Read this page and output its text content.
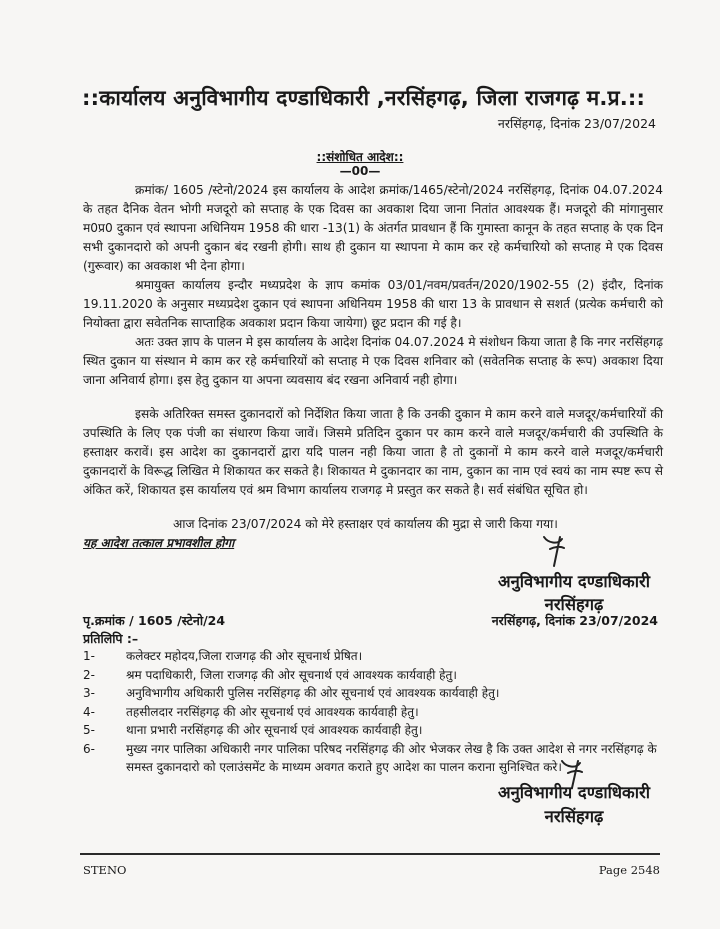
::कार्यालय अनुविभागीय दण्डाधिकारी ,नरसिंहगढ़, जिला राजगढ़ म.प्र.::
नरसिंहगढ़, दिनांक 23/07/2024
::संशोधित आदेश::
—00—
क्रमांक/ 1605 /स्टेनो/2024 इस कार्यालय के आदेश क्रमांक/1465/स्टेनो/2024 नरसिंहगढ़, दिनांक 04.07.2024 के तहत दैनिक वेतन भोगी मजदूरो को सप्ताह के एक दिवस का अवकाश दिया जाना नितांत आवश्यक हैं। मजदूरो की मांगानुसार म0प्र0 दुकान एवं स्थापना अधिनियम 1958 की धारा -13(1) के अंतर्गत प्रावधान हैं कि गुमास्ता कानून के तहत सप्ताह के एक दिन सभी दुकानदारो को अपनी दुकान बंद रखनी होगी। साथ ही दुकान या स्थापना मे काम कर रहे कर्मचारियो को सप्ताह मे एक दिवस (गुरूवार) का अवकाश भी देना होगा।
श्रमायुक्त कार्यालय इन्दौर मध्यप्रदेश के ज्ञाप कमांक 03/01/नवम/प्रवर्तन/2020/1902-55 (2) इंदौर, दिनांक 19.11.2020 के अनुसार मध्यप्रदेश दुकान एवं स्थापना अधिनियम 1958 की धारा 13 के प्रावधान से सशर्त (प्रत्येक कर्मचारी को नियोक्ता द्वारा सवेतनिक साप्ताहिक अवकाश प्रदान किया जायेगा) छूट प्रदान की गई है।
अतः उक्त ज्ञाप के पालन मे इस कार्यालय के आदेश दिनांक 04.07.2024 मे संशोधन किया जाता है कि नगर नरसिंहगढ़ स्थित दुकान या संस्थान मे काम कर रहे कर्मचारियों को सप्ताह मे एक दिवस शनिवार को (सवेतनिक सप्ताह के रूप) अवकाश दिया जाना अनिवार्य होगा। इस हेतु दुकान या अपना व्यवसाय बंद रखना अनिवार्य नही होगा।
इसके अतिरिक्त समस्त दुकानदारों को निर्देशित किया जाता है कि उनकी दुकान मे काम करने वाले मजदूर/कर्मचारियों की उपस्थिति के लिए एक पंजी का संधारण किया जावें। जिसमे प्रतिदिन दुकान पर काम करने वाले मजदूर/कर्मचारी की उपस्थिति के हस्ताक्षर करावें। इस आदेश का दुकानदारों द्वारा यदि पालन नही किया जाता है तो दुकानों मे काम करने वाले मजदूर/कर्मचारी दुकानदारों के विरूद्ध लिखित मे शिकायत कर सकते है। शिकायत मे दुकानदार का नाम, दुकान का नाम एवं स्वयं का नाम स्पष्ट रूप से अंकित करें, शिकायत इस कार्यालय एवं श्रम विभाग कार्यालय राजगढ़ मे प्रस्तुत कर सकते है। सर्व संबंधित सूचित हो।
आज दिनांक 23/07/2024 को मेरे हस्ताक्षर एवं कार्यालय की मुद्रा से जारी किया गया।
यह आदेश तत्काल प्रभावशील होगा
अनुविभागीय दण्डाधिकारी
नरसिंहगढ़
पृ.क्रमांक / 1605 /स्टेनो/24	नरसिंहगढ़, दिनांक 23/07/2024
प्रतिलिपि :–
1-	कलेक्टर महोदय,जिला राजगढ़ की ओर सूचनार्थ प्रेषित।
2-	श्रम पदाधिकारी, जिला राजगढ़ की ओर सूचनार्थ एवं आवश्यक कार्यवाही हेतु।
3-	अनुविभागीय अधिकारी पुलिस नरसिंहगढ़ की ओर सूचनार्थ एवं आवश्यक कार्यवाही हेतु।
4-	तहसीलदार नरसिंहगढ़ की ओर सूचनार्थ एवं आवश्यक कार्यवाही हेतु।
5-	थाना प्रभारी नरसिंहगढ़ की ओर सूचनार्थ एवं आवश्यक कार्यवाही हेतु।
6-	मुख्य नगर पालिका अधिकारी नगर पालिका परिषद नरसिंहगढ़ की ओर भेजकर लेख है कि उक्त आदेश से नगर नरसिंहगढ़ के समस्त दुकानदारो को एलाउंसमेंट के माध्यम अवगत कराते हुए आदेश का पालन कराना सुनिश्चित करे।
अनुविभागीय दण्डाधिकारी
नरसिंहगढ़
STENO	Page 2548
